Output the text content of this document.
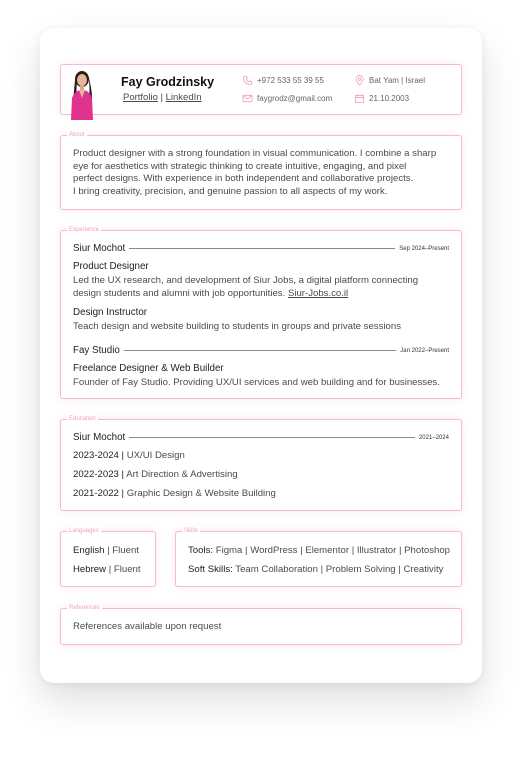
Fay Grodzinsky
Portfolio | LinkedIn
+972 533 55 39 55
faygrodz@gmail.com
Bat Yam | Israel
21.10.2003
About
Product designer with a strong foundation in visual communication. I combine a sharp
eye for aesthetics with strategic thinking to create intuitive, engaging, and pixel
perfect designs. With experience in both independent and collaborative projects.
I bring creativity, precision, and genuine passion to all aspects of my work.
Experience
Siur Mochot	Sep 2024–Present
Product Designer
Led the UX research, and development of Siur Jobs, a digital platform connecting
design students and alumni with job opportunities. Siur-Jobs.co.il
Design Instructor
Teach design and website building to students in groups and private sessions
Fay Studio	Jan 2022–Present
Freelance Designer & Web Builder
Founder of Fay Studio. Providing UX/UI services and web building and for businesses.
Education
Siur Mochot	2021–2024
2023-2024 | UX/UI Design
2022-2023 | Art Direction & Advertising
2021-2022 | Graphic Design & Website Building
Languages
English | Fluent
Hebrew | Fluent
Skills
Tools: Figma | WordPress | Elementor | Illustrator | Photoshop
Soft Skills: Team Collaboration | Problem Solving | Creativity
References
References available upon request
